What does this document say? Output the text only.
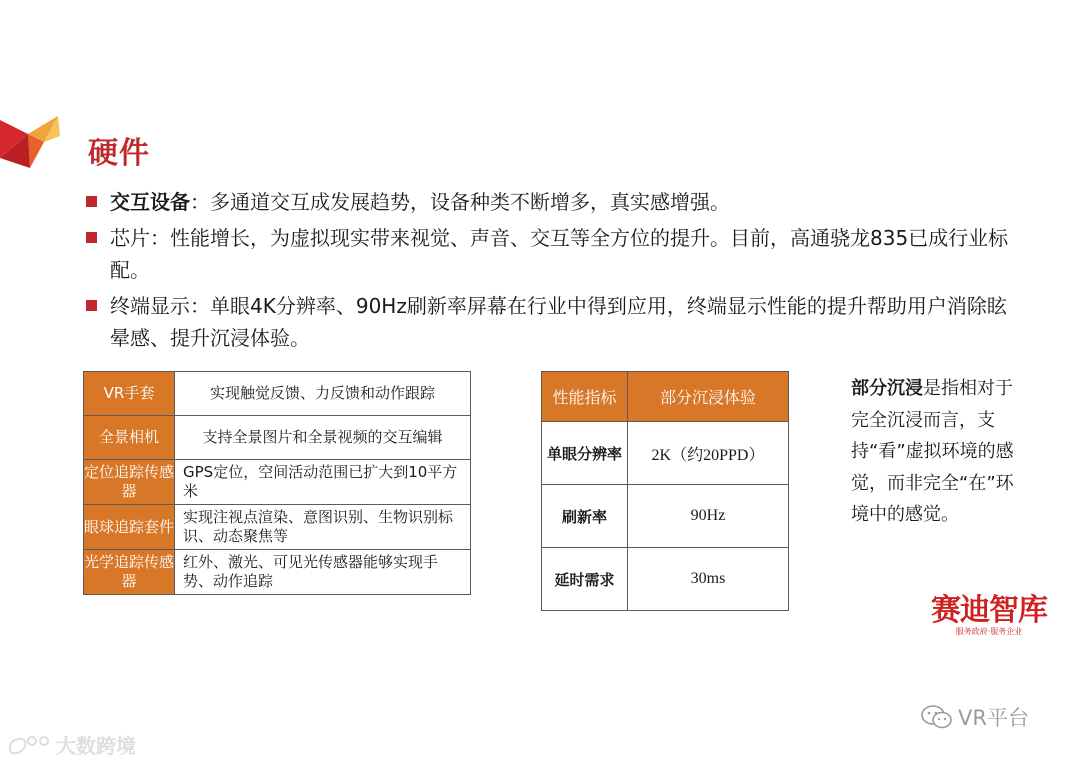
硬件
交互设备：多通道交互成发展趋势，设备种类不断增多，真实感增强。
芯片：性能增长，为虚拟现实带来视觉、声音、交互等全方位的提升。目前，高通骁龙835已成行业标配。
终端显示：单眼4K分辨率、90Hz刷新率屏幕在行业中得到应用，终端显示性能的提升帮助用户消除眩晕感、提升沉浸体验。
VR手套	实现触觉反馈、力反馈和动作跟踪
全景相机	支持全景图片和全景视频的交互编辑
定位追踪传感器	GPS定位，空间活动范围已扩大到10平方米
眼球追踪套件	实现注视点渲染、意图识别、生物识别标识、动态聚焦等
光学追踪传感器	红外、激光、可见光传感器能够实现手势、动作追踪
性能指标	部分沉浸体验
单眼分辨率	2K（约20PPD）
刷新率	90Hz
延时需求	30ms
部分沉浸是指相对于完全沉浸而言，支持“看”虚拟环境的感觉，而非完全“在”环境中的感觉。
赛迪智库
服务政府·服务企业
VR平台
大数跨境
